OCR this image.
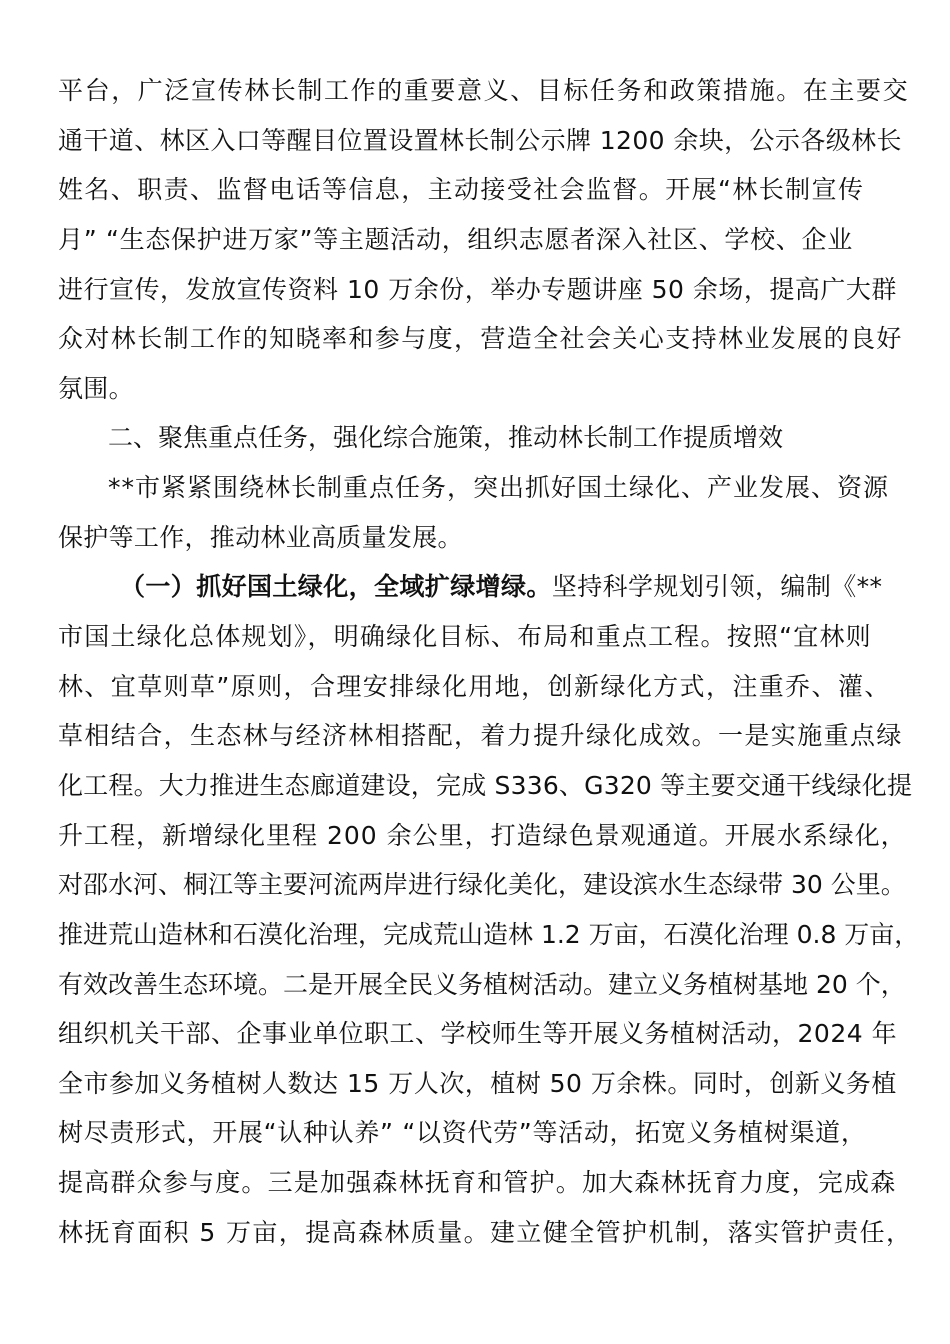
平台，广泛宣传林长制工作的重要意义、目标任务和政策措施。在主要交
通干道、林区入口等醒目位置设置林长制公示牌 1200 余块，公示各级林长
姓名、职责、监督电话等信息，主动接受社会监督。开展“林长制宣传
月” “生态保护进万家”等主题活动，组织志愿者深入社区、学校、企业
进行宣传，发放宣传资料 10 万余份，举办专题讲座 50 余场，提高广大群
众对林长制工作的知晓率和参与度，营造全社会关心支持林业发展的良好
氛围。
二、聚焦重点任务，强化综合施策，推动林长制工作提质增效
**市紧紧围绕林长制重点任务，突出抓好国土绿化、产业发展、资源
保护等工作，推动林业高质量发展。
（一）抓好国土绿化，全域扩绿增绿。坚持科学规划引领，编制《**
市国土绿化总体规划》，明确绿化目标、布局和重点工程。按照“宜林则
林、宜草则草”原则，合理安排绿化用地，创新绿化方式，注重乔、灌、
草相结合，生态林与经济林相搭配，着力提升绿化成效。一是实施重点绿
化工程。大力推进生态廊道建设，完成 S336、G320 等主要交通干线绿化提
升工程，新增绿化里程 200 余公里，打造绿色景观通道。开展水系绿化，
对邵水河、桐江等主要河流两岸进行绿化美化，建设滨水生态绿带 30 公里。
推进荒山造林和石漠化治理，完成荒山造林 1.2 万亩，石漠化治理 0.8 万亩，
有效改善生态环境。二是开展全民义务植树活动。建立义务植树基地 20 个，
组织机关干部、企事业单位职工、学校师生等开展义务植树活动，2024 年
全市参加义务植树人数达 15 万人次，植树 50 万余株。同时，创新义务植
树尽责形式，开展“认种认养” “以资代劳”等活动，拓宽义务植树渠道，
提高群众参与度。三是加强森林抚育和管护。加大森林抚育力度，完成森
林抚育面积 5 万亩，提高森林质量。建立健全管护机制，落实管护责任，
